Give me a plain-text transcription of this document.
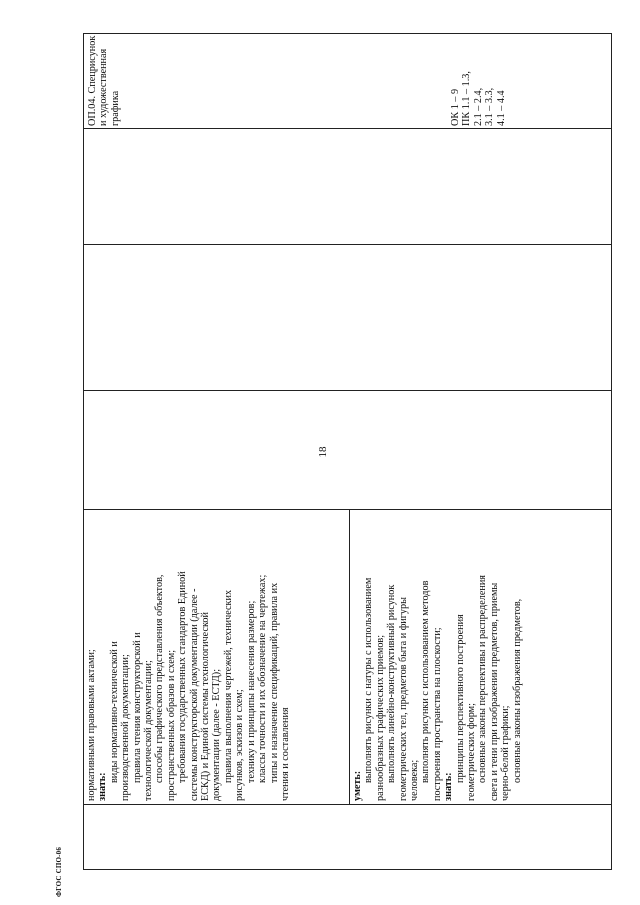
18

нормативными правовыми актами; знать:

виды нормативно-технической и производственной документации; правила чтения конструкторской и технологической документации; способы графического представления объектов, пространственных образов и схем; требования государственных стандартов Единой системы конструкторской документации (далее - ЕСКД) и Единой системы технологической документации (далее - ЕСТД); правила выполнения чертежей, технических рисунков, эскизов и схем; технику и принципы нанесения размеров; классы точности и их обозначение на чертежах; типы и назначение спецификаций, правила их чтения и составления	уметь:

выполнять рисунки с натуры с использованием разнообразных графических приемов; выполнять линейно-конструктивный рисунок геометрических тел, предметов быта и фигуры человека; выполнять рисунки с использованием методов построения пространства на плоскости; знать:

принципы перспективного построения геометрических форм; основные законы перспективы и распределения света и тени при изображении предметов, приемы черно-белой графики; основные законы изображения предметов,

ОП.04. Спецрисунок и художественная графика	ОК 1 – 9 ПК 1.1 – 1.3, 2.1 – 2.4, 3.1 – 3.3, 4.1 – 4.4

ФГОС СПО-06
